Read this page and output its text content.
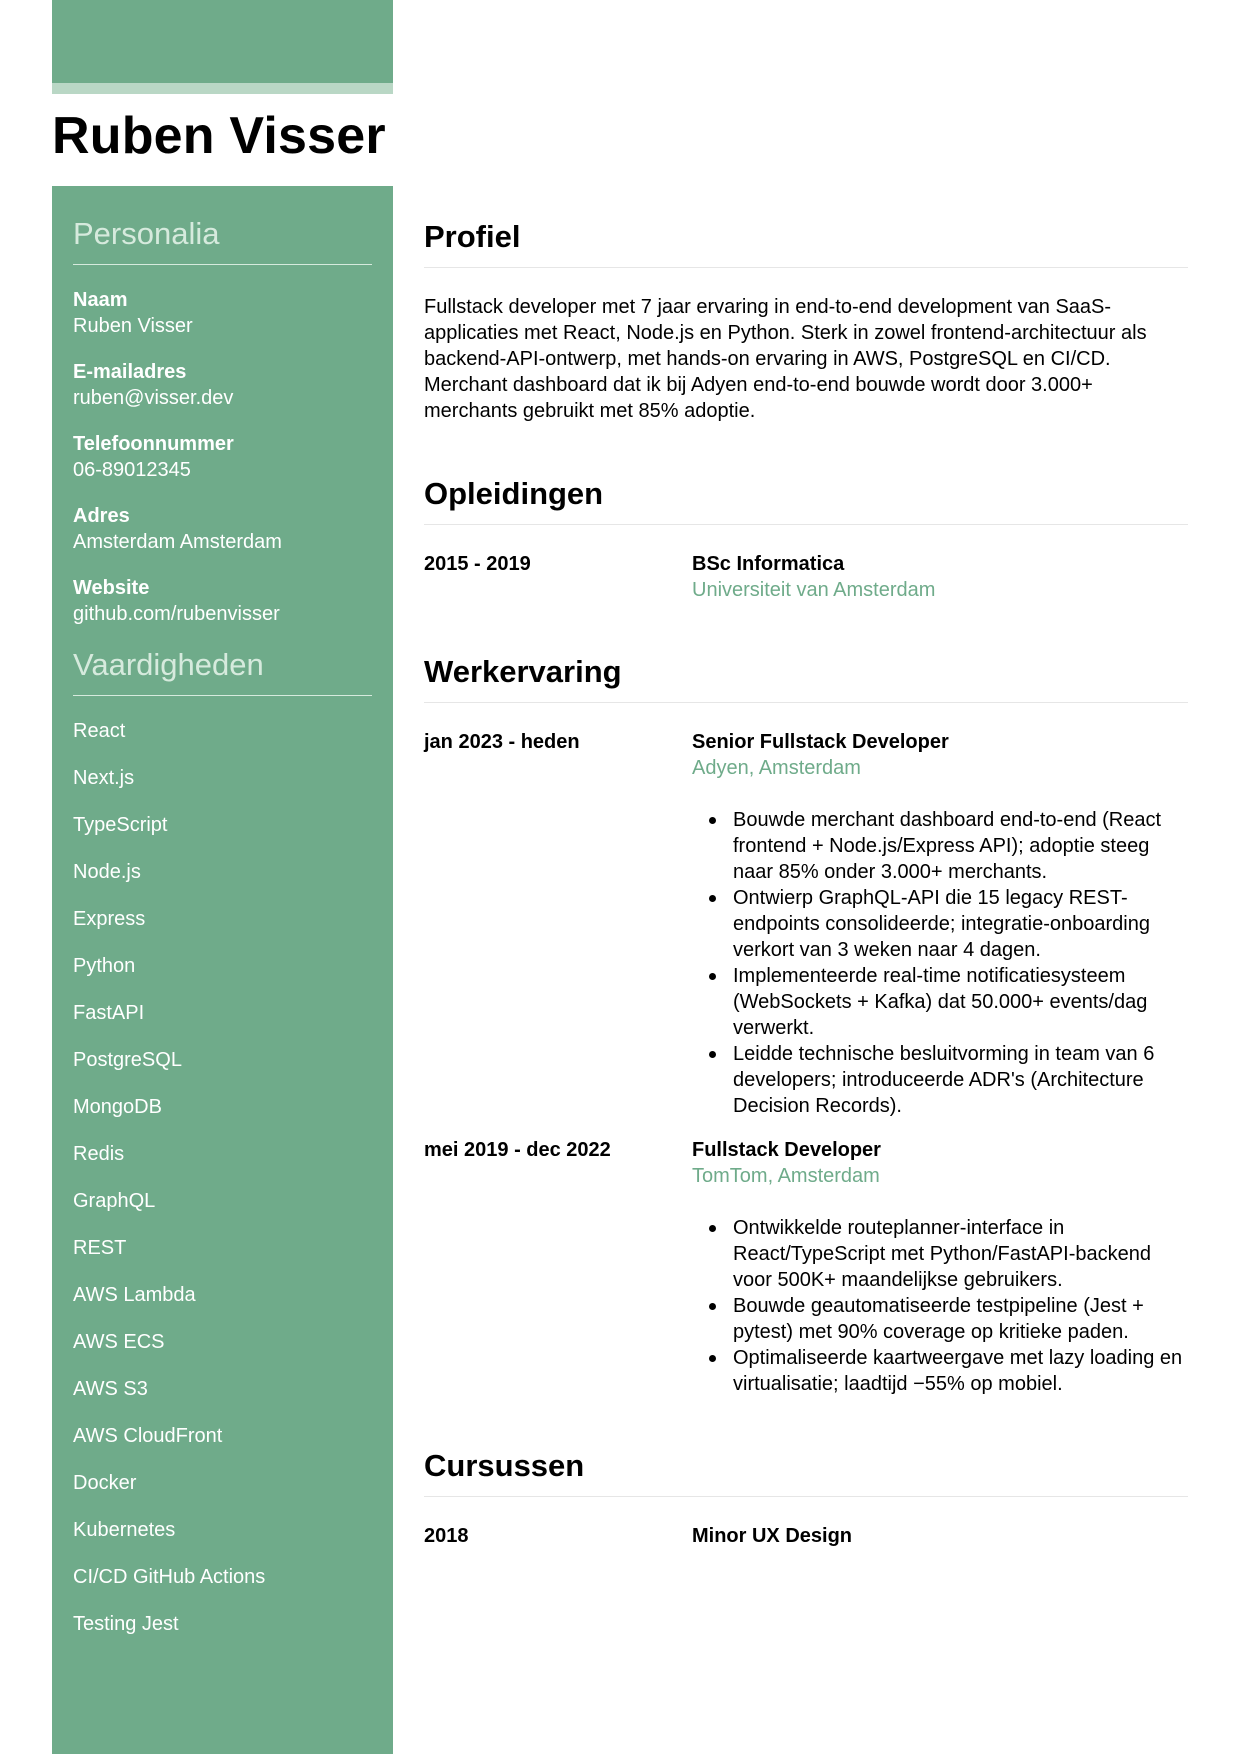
Ruben Visser
Personalia
Naam
Ruben Visser
E-mailadres
ruben@visser.dev
Telefoonnummer
06-89012345
Adres
Amsterdam Amsterdam
Website
github.com/rubenvisser
Vaardigheden
React
Next.js
TypeScript
Node.js
Express
Python
FastAPI
PostgreSQL
MongoDB
Redis
GraphQL
REST
AWS Lambda
AWS ECS
AWS S3
AWS CloudFront
Docker
Kubernetes
CI/CD GitHub Actions
Testing Jest
Profiel

Fullstack developer met 7 jaar ervaring in end-to-end development van SaaS-applicaties met React, Node.js en Python. Sterk in zowel frontend-architectuur als backend-API-ontwerp, met hands-on ervaring in AWS, PostgreSQL en CI/CD. Merchant dashboard dat ik bij Adyen end-to-end bouwde wordt door 3.000+ merchants gebruikt met 85% adoptie.

Opleidingen
2015 - 2019	BSc Informatica
Universiteit van Amsterdam
Werkervaring
jan 2023 - heden	Senior Fullstack Developer
Adyen, Amsterdam
Bouwde merchant dashboard end-to-end (React frontend + Node.js/Express API); adoptie steeg naar 85% onder 3.000+ merchants.
Ontwierp GraphQL-API die 15 legacy REST-endpoints consolideerde; integratie-onboarding verkort van 3 weken naar 4 dagen.
Implementeerde real-time notificatiesysteem (WebSockets + Kafka) dat 50.000+ events/dag verwerkt.
Leidde technische besluitvorming in team van 6 developers; introduceerde ADR's (Architecture Decision Records).
mei 2019 - dec 2022	Fullstack Developer
TomTom, Amsterdam
Ontwikkelde routeplanner-interface in React/TypeScript met Python/FastAPI-backend voor 500K+ maandelijkse gebruikers.
Bouwde geautomatiseerde testpipeline (Jest + pytest) met 90% coverage op kritieke paden.
Optimaliseerde kaartweergave met lazy loading en virtualisatie; laadtijd −55% op mobiel.
Cursussen
2018	Minor UX Design
